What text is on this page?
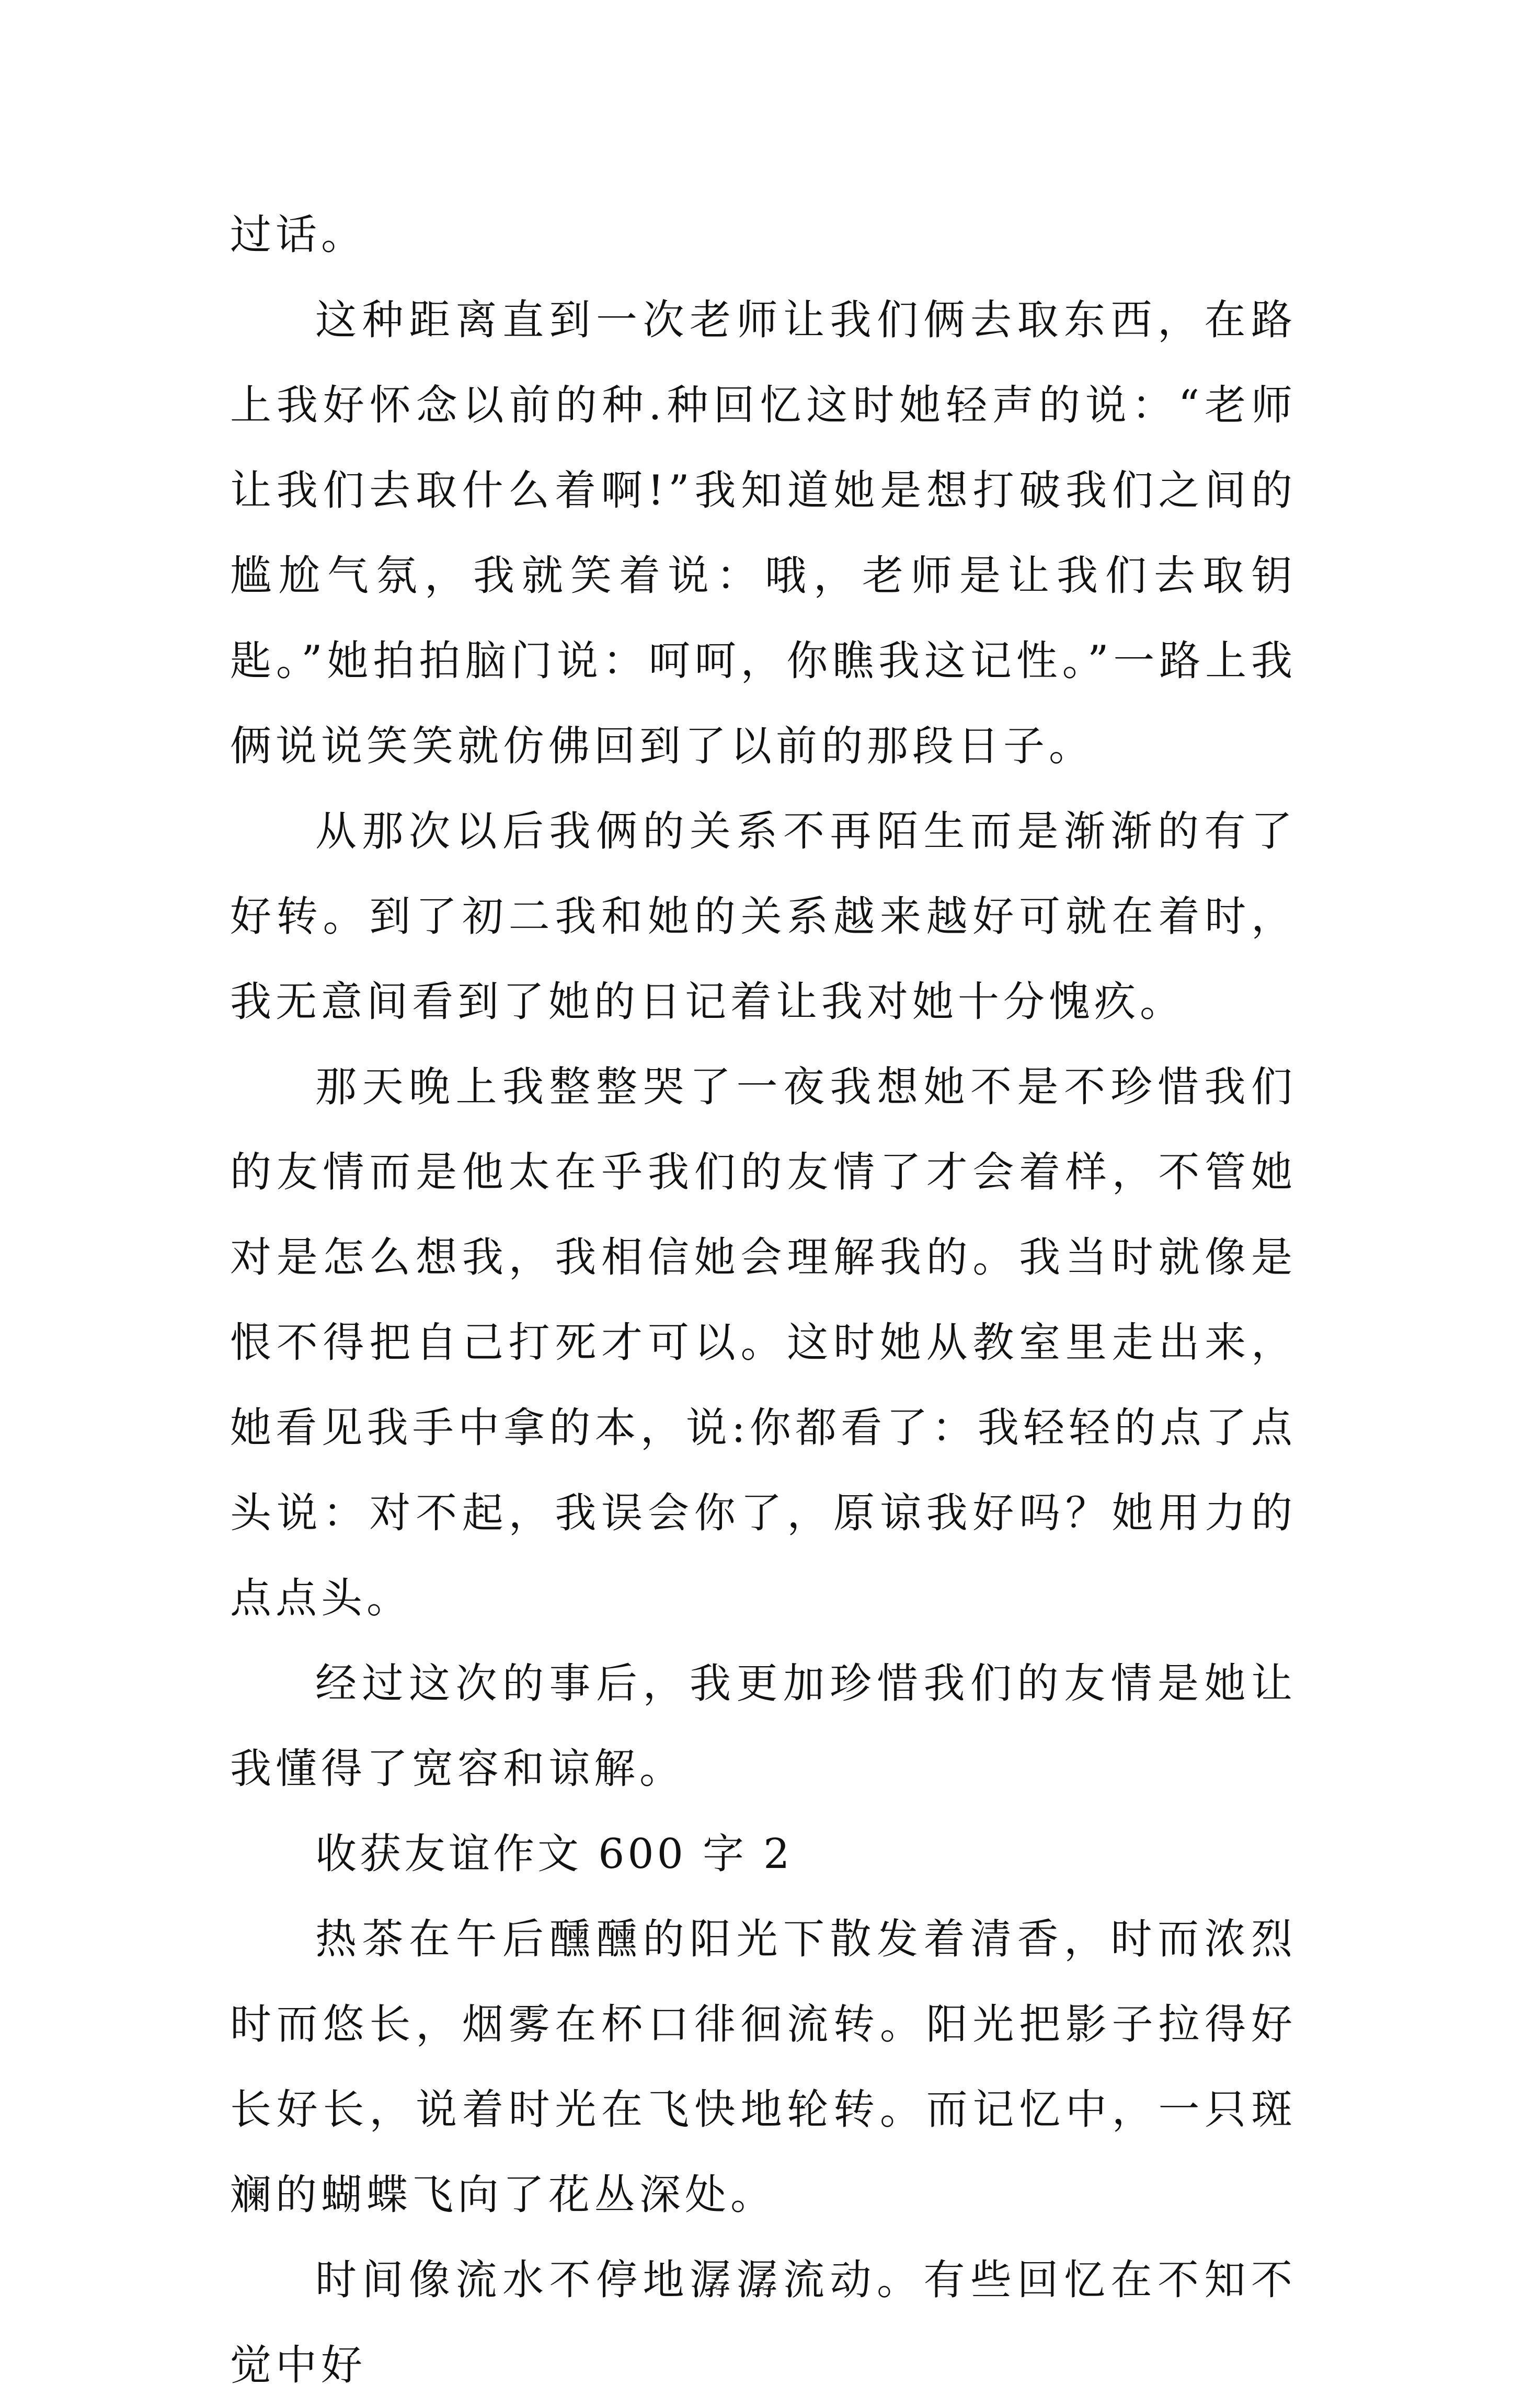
过话。

这种距离直到一次老师让我们俩去取东西，在路上我好怀念以前的种.种回忆这时她轻声的说：“老师让我们去取什么着啊!”我知道她是想打破我们之间的尴尬气氛，我就笑着说：哦，老师是让我们去取钥匙。”她拍拍脑门说：呵呵，你瞧我这记性。”一路上我俩说说笑笑就仿佛回到了以前的那段日子。

从那次以后我俩的关系不再陌生而是渐渐的有了好转。到了初二我和她的关系越来越好可就在着时，我无意间看到了她的日记着让我对她十分愧疚。

那天晚上我整整哭了一夜我想她不是不珍惜我们的友情而是他太在乎我们的友情了才会着样，不管她对是怎么想我，我相信她会理解我的。我当时就像是恨不得把自己打死才可以。这时她从教室里走出来，她看见我手中拿的本，说:你都看了：我轻轻的点了点头说：对不起，我误会你了，原谅我好吗？她用力的点点头。

经过这次的事后，我更加珍惜我们的友情是她让我懂得了宽容和谅解。

收获友谊作文 600 字 2

热茶在午后醺醺的阳光下散发着清香，时而浓烈时而悠长，烟雾在杯口徘徊流转。阳光把影子拉得好长好长，说着时光在飞快地轮转。而记忆中，一只斑斓的蝴蝶飞向了花丛深处。

时间像流水不停地潺潺流动。有些回忆在不知不觉中好
